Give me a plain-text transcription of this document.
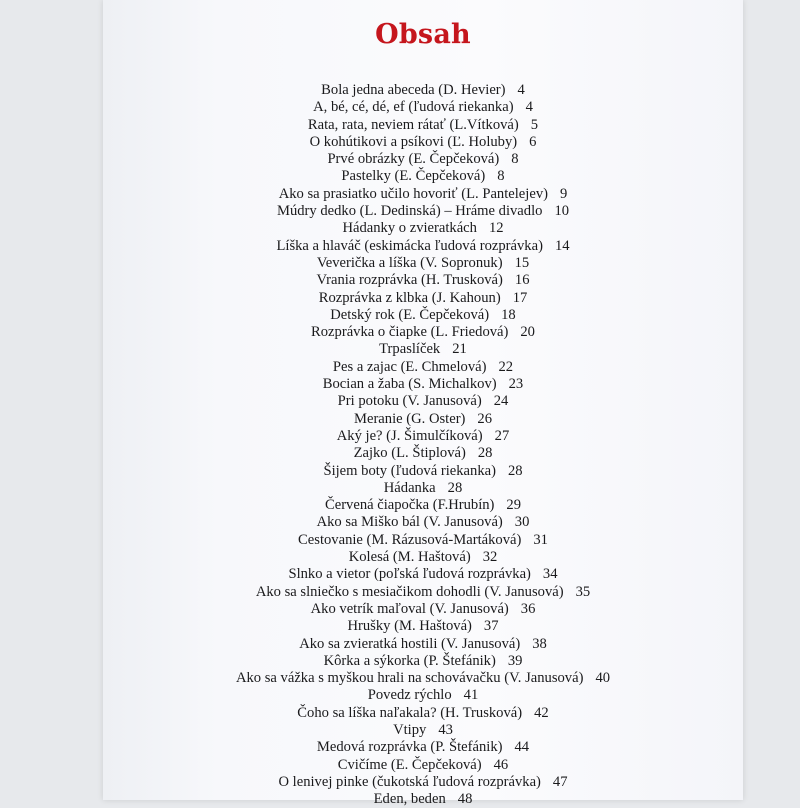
Obsah
Bola jedna abeceda (D. Hevier) 4
A, bé, cé, dé, ef (ľudová riekanka) 4
Rata, rata, neviem rátať (L.Vítková) 5
O kohútikovi a psíkovi (Ľ. Holuby) 6
Prvé obrázky (E. Čepčeková) 8
Pastelky (E. Čepčeková) 8
Ako sa prasiatko učilo hovoriť (L. Pantelejev) 9
Múdry dedko (L. Dedinská) – Hráme divadlo 10
Hádanky o zvieratkách 12
Líška a hlaváč (eskimácka ľudová rozprávka) 14
Veverička a líška (V. Sopronuk) 15
Vrania rozprávka (H. Trusková) 16
Rozprávka z klbka (J. Kahoun) 17
Detský rok (E. Čepčeková) 18
Rozprávka o čiapke (L. Friedová) 20
Trpaslíček 21
Pes a zajac (E. Chmelová) 22
Bocian a žaba (S. Michalkov) 23
Pri potoku (V. Janusová) 24
Meranie (G. Oster) 26
Aký je? (J. Šimulčíková) 27
Zajko (L. Štiplová) 28
Šijem boty (ľudová riekanka) 28
Hádanka 28
Červená čiapočka (F.Hrubín) 29
Ako sa Miško bál (V. Janusová) 30
Cestovanie (M. Rázusová-Martáková) 31
Kolesá (M. Haštová) 32
Slnko a vietor (poľská ľudová rozprávka) 34
Ako sa slniečko s mesiačikom dohodli (V. Janusová) 35
Ako vetrík maľoval (V. Janusová) 36
Hrušky (M. Haštová) 37
Ako sa zvieratká hostili (V. Janusová) 38
Kôrka a sýkorka (P. Štefánik) 39
Ako sa vážka s myškou hrali na schovávačku (V. Janusová) 40
Povedz rýchlo 41
Čoho sa líška naľakala? (H. Trusková) 42
Vtipy 43
Medová rozprávka (P. Štefánik) 44
Cvičíme (E. Čepčeková) 46
O lenivej pinke (čukotská ľudová rozprávka) 47
Eden, beden 48
